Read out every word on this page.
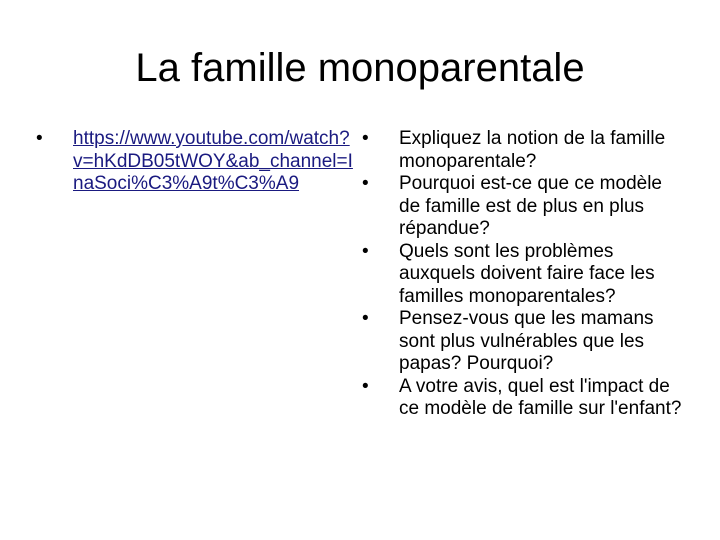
La famille monoparentale
•	https://www.youtube.com/watch?v=hKdDB05tWOY&ab_channel=InaSoci%C3%A9t%C3%A9
•	Expliquez la notion de la famille monoparentale?
•	Pourquoi est-ce que ce modèle de famille est de plus en plus répandue?
•	Quels sont les problèmes auxquels doivent faire face les familles monoparentales?
•	Pensez-vous que les mamans sont plus vulnérables que les papas? Pourquoi?
•	A votre avis, quel est l'impact de ce modèle de famille sur l'enfant?
